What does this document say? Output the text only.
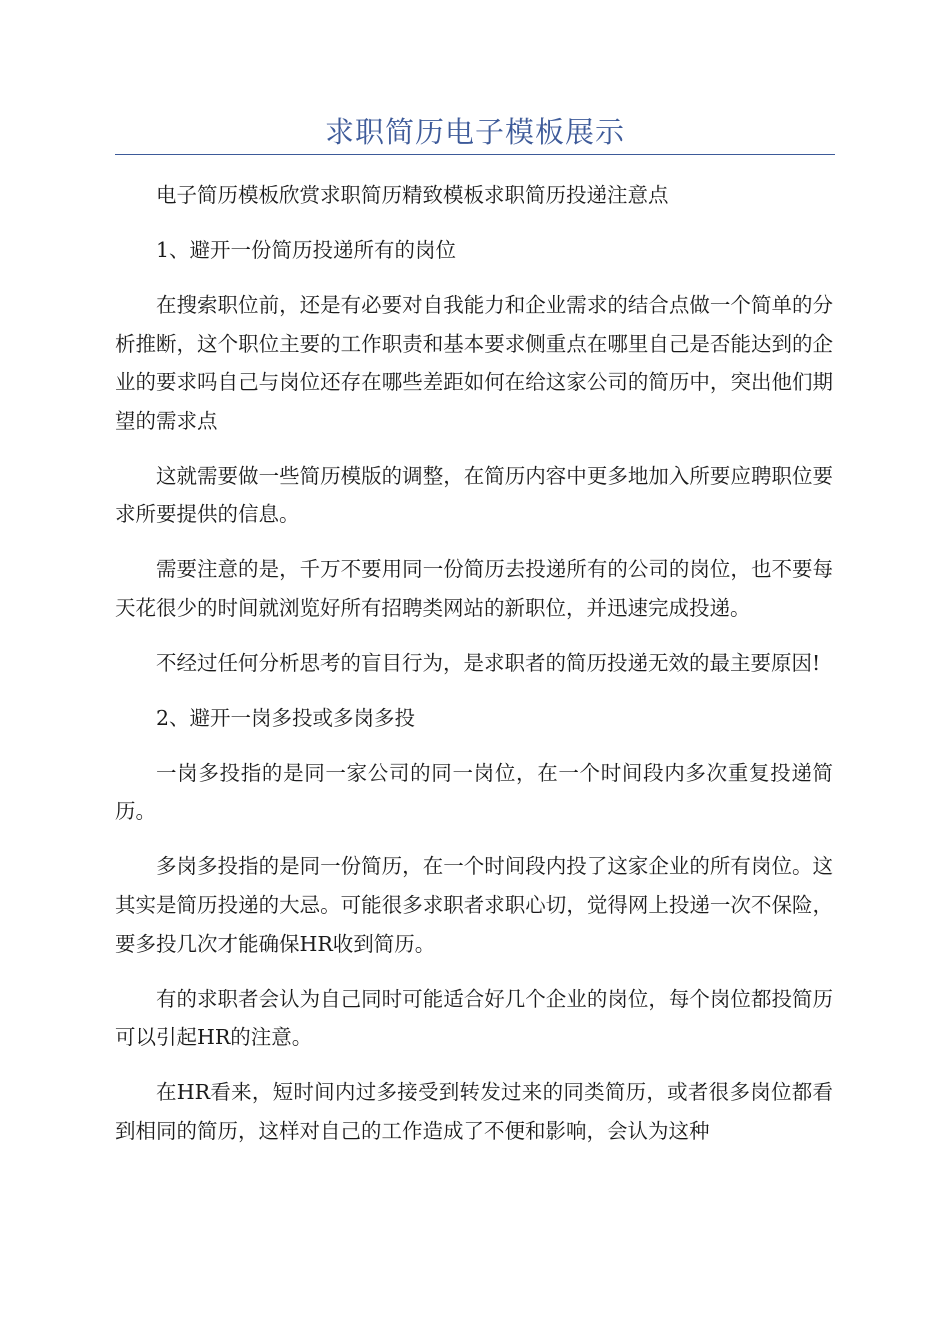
求职简历电子模板展示

电子简历模板欣赏求职简历精致模板求职简历投递注意点

1、避开一份简历投递所有的岗位

在搜索职位前，还是有必要对自我能力和企业需求的结合点做一个简单的分析推断，这个职位主要的工作职责和基本要求侧重点在哪里自己是否能达到的企业的要求吗自己与岗位还存在哪些差距如何在给这家公司的简历中，突出他们期望的需求点

这就需要做一些简历模版的调整，在简历内容中更多地加入所要应聘职位要求所要提供的信息。

需要注意的是，千万不要用同一份简历去投递所有的公司的岗位，也不要每天花很少的时间就浏览好所有招聘类网站的新职位，并迅速完成投递。

不经过任何分析思考的盲目行为，是求职者的简历投递无效的最主要原因!

2、避开一岗多投或多岗多投

一岗多投指的是同一家公司的同一岗位，在一个时间段内多次重复投递简历。

多岗多投指的是同一份简历，在一个时间段内投了这家企业的所有岗位。这其实是简历投递的大忌。可能很多求职者求职心切，觉得网上投递一次不保险，要多投几次才能确保HR收到简历。

有的求职者会认为自己同时可能适合好几个企业的岗位，每个岗位都投简历可以引起HR的注意。

在HR看来，短时间内过多接受到转发过来的同类简历，或者很多岗位都看到相同的简历，这样对自己的工作造成了不便和影响，会认为这种
